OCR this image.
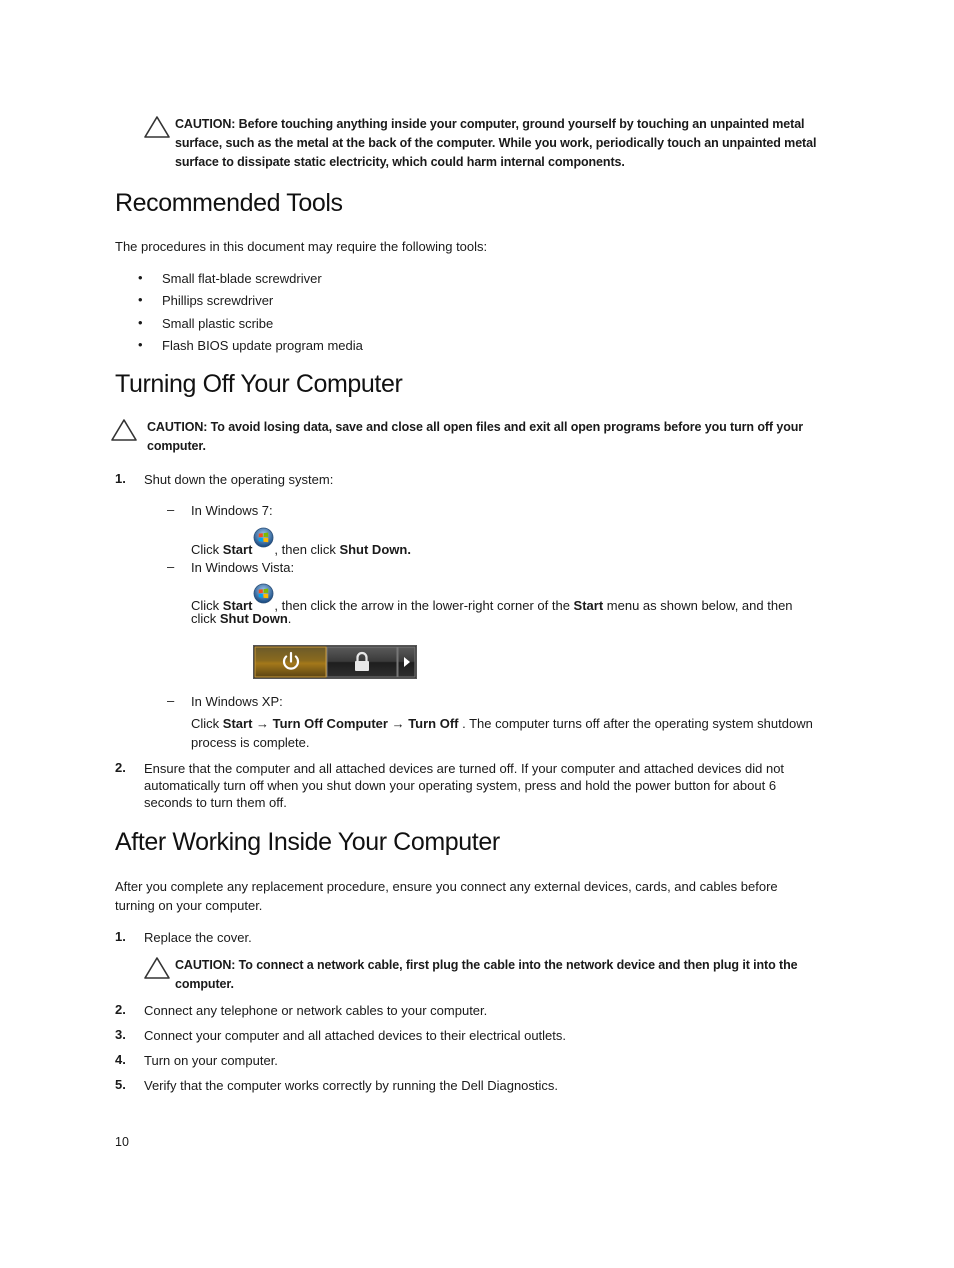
CAUTION: Before touching anything inside your computer, ground yourself by touching an unpainted metal
surface, such as the metal at the back of the computer. While you work, periodically touch an unpainted metal
surface to dissipate static electricity, which could harm internal components.
Recommended Tools
The procedures in this document may require the following tools:
• Small flat-blade screwdriver
• Phillips screwdriver
• Small plastic scribe
• Flash BIOS update program media
Turning Off Your Computer
CAUTION: To avoid losing data, save and close all open files and exit all open programs before you turn off your
computer.
1. Shut down the operating system:
– In Windows 7:
Click Start , then click Shut Down.
– In Windows Vista:
Click Start , then click the arrow in the lower-right corner of the Start menu as shown below, and then
click Shut Down.
– In Windows XP:
Click Start → Turn Off Computer → Turn Off . The computer turns off after the operating system shutdown
process is complete.
2. Ensure that the computer and all attached devices are turned off. If your computer and attached devices did not
automatically turn off when you shut down your operating system, press and hold the power button for about 6
seconds to turn them off.
After Working Inside Your Computer
After you complete any replacement procedure, ensure you connect any external devices, cards, and cables before
turning on your computer.
1. Replace the cover.
CAUTION: To connect a network cable, first plug the cable into the network device and then plug it into the
computer.
2. Connect any telephone or network cables to your computer.
3. Connect your computer and all attached devices to their electrical outlets.
4. Turn on your computer.
5. Verify that the computer works correctly by running the Dell Diagnostics.
10
